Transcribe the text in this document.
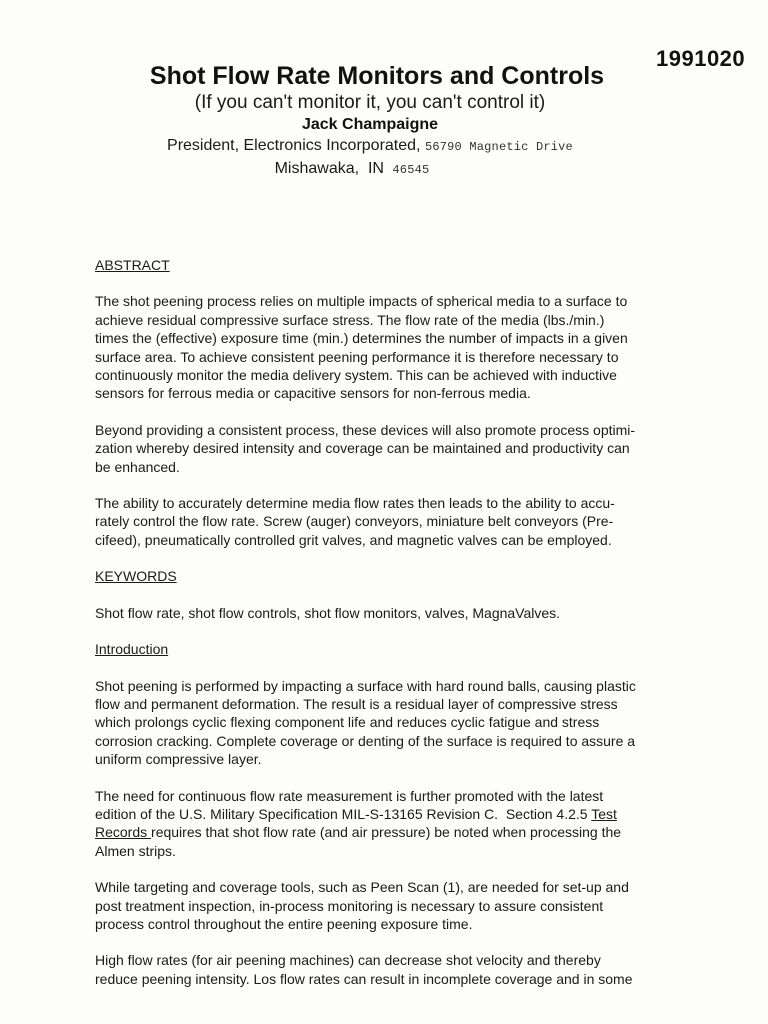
1991020
Shot Flow Rate Monitors and Controls
(If you can't monitor it, you can't control it)
Jack Champaigne
President, Electronics Incorporated, 56790 Magnetic Drive
Mishawaka,  IN 46545

ABSTRACT

The shot peening process relies on multiple impacts of spherical media to a surface to
achieve residual compressive surface stress. The flow rate of the media (lbs./min.)
times the (effective) exposure time (min.) determines the number of impacts in a given
surface area. To achieve consistent peening performance it is therefore necessary to
continuously monitor the media delivery system. This can be achieved with inductive
sensors for ferrous media or capacitive sensors for non-ferrous media.
Beyond providing a consistent process, these devices will also promote process optimi-
zation whereby desired intensity and coverage can be maintained and productivity can
be enhanced.
The ability to accurately determine media flow rates then leads to the ability to accu-
rately control the flow rate. Screw (auger) conveyors, miniature belt conveyors (Pre-
cifeed), pneumatically controlled grit valves, and magnetic valves can be employed.

KEYWORDS

Shot flow rate, shot flow controls, shot flow monitors, valves, MagnaValves.

Introduction

Shot peening is performed by impacting a surface with hard round balls, causing plastic
flow and permanent deformation. The result is a residual layer of compressive stress
which prolongs cyclic flexing component life and reduces cyclic fatigue and stress
corrosion cracking. Complete coverage or denting of the surface is required to assure a
uniform compressive layer.
The need for continuous flow rate measurement is further promoted with the latest
edition of the U.S. Military Specification MIL-S-13165 Revision C.  Section 4.2.5 Test
Records requires that shot flow rate (and air pressure) be noted when processing the
Almen strips.
While targeting and coverage tools, such as Peen Scan (1), are needed for set-up and
post treatment inspection, in-process monitoring is necessary to assure consistent
process control throughout the entire peening exposure time.
High flow rates (for air peening machines) can decrease shot velocity and thereby
reduce peening intensity. Los flow rates can result in incomplete coverage and in some
